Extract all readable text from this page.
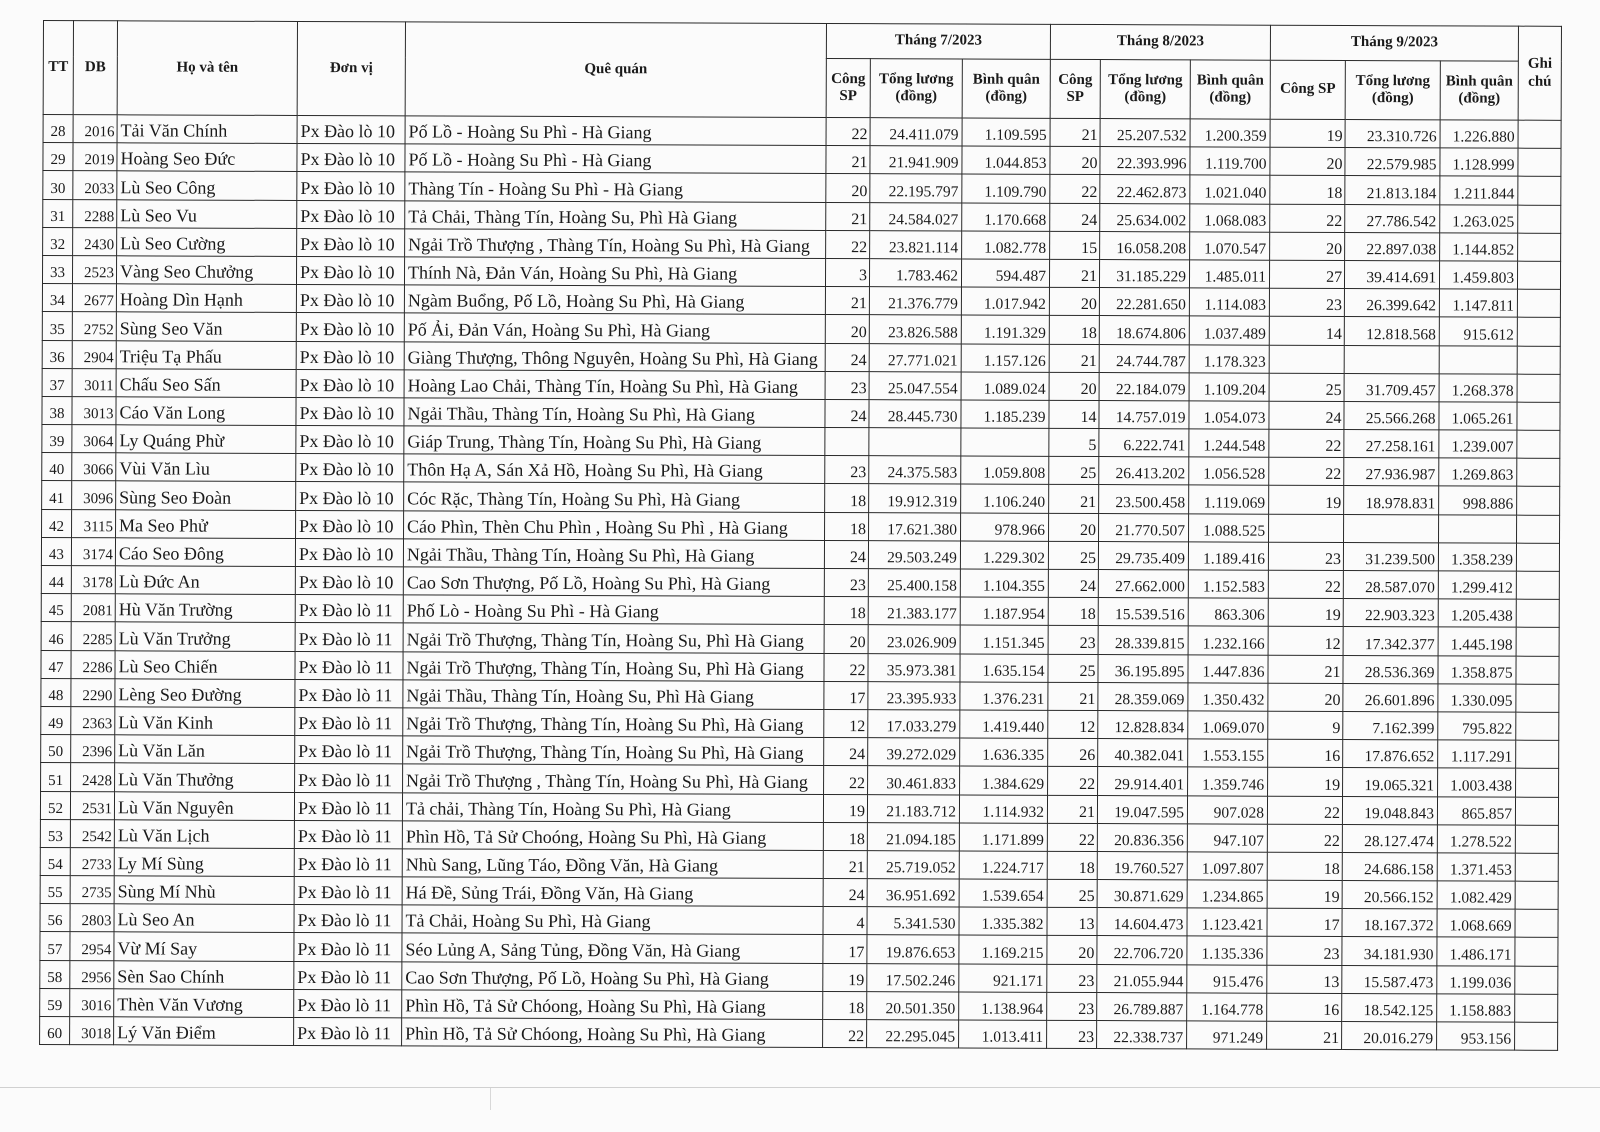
TT	DB	Họ và tên	Đơn vị	Quê quán	Tháng 7/2023			Tháng 8/2023			Tháng 9/2023			Ghi chú
					Công SP	Tổng lương (đồng)	Bình quân (đồng)	Công SP	Tổng lương (đồng)	Bình quân (đồng)	Công SP	Tổng lương (đồng)	Bình quân (đồng)	
28	2016	Tải Văn Chính	Px Đào lò 10	Pố Lồ - Hoàng Su Phì - Hà Giang	22	24.411.079	1.109.595	21	25.207.532	1.200.359	19	23.310.726	1.226.880	
29	2019	Hoàng Seo Đức	Px Đào lò 10	Pố Lồ - Hoàng Su Phì - Hà Giang	21	21.941.909	1.044.853	20	22.393.996	1.119.700	20	22.579.985	1.128.999	
30	2033	Lù Seo Công	Px Đào lò 10	Thàng Tín - Hoàng Su Phì - Hà Giang	20	22.195.797	1.109.790	22	22.462.873	1.021.040	18	21.813.184	1.211.844	
31	2288	Lù Seo Vu	Px Đào lò 10	Tả Chải, Thàng Tín, Hoàng Su, Phì Hà Giang	21	24.584.027	1.170.668	24	25.634.002	1.068.083	22	27.786.542	1.263.025	
32	2430	Lù Seo Cường	Px Đào lò 10	Ngải Trồ Thượng , Thàng Tín, Hoàng Su Phì, Hà Giang	22	23.821.114	1.082.778	15	16.058.208	1.070.547	20	22.897.038	1.144.852	
33	2523	Vàng Seo Chưởng	Px Đào lò 10	Thính Nà, Đản Ván, Hoàng Su Phì, Hà Giang	3	1.783.462	594.487	21	31.185.229	1.485.011	27	39.414.691	1.459.803	
34	2677	Hoàng Dìn Hạnh	Px Đào lò 10	Ngàm Buổng, Pố Lồ, Hoàng Su Phì, Hà Giang	21	21.376.779	1.017.942	20	22.281.650	1.114.083	23	26.399.642	1.147.811	
35	2752	Sùng Seo Văn	Px Đào lò 10	Pố Ải, Đản Ván, Hoàng Su Phì, Hà Giang	20	23.826.588	1.191.329	18	18.674.806	1.037.489	14	12.818.568	915.612	
36	2904	Triệu Tạ Phấu	Px Đào lò 10	Giàng Thượng, Thông Nguyên, Hoàng Su Phì, Hà Giang	24	27.771.021	1.157.126	21	24.744.787	1.178.323				
37	3011	Chấu Seo Sấn	Px Đào lò 10	Hoàng Lao Chải, Thàng Tín, Hoàng Su Phì, Hà Giang	23	25.047.554	1.089.024	20	22.184.079	1.109.204	25	31.709.457	1.268.378	
38	3013	Cáo Văn Long	Px Đào lò 10	Ngải Thầu, Thàng Tín, Hoàng Su Phì, Hà Giang	24	28.445.730	1.185.239	14	14.757.019	1.054.073	24	25.566.268	1.065.261	
39	3064	Ly Quáng Phừ	Px Đào lò 10	Giáp Trung, Thàng Tín, Hoàng Su Phì, Hà Giang				5	6.222.741	1.244.548	22	27.258.161	1.239.007	
40	3066	Vùi Văn Lìu	Px Đào lò 10	Thôn Hạ A, Sán Xả Hồ, Hoàng Su Phì, Hà Giang	23	24.375.583	1.059.808	25	26.413.202	1.056.528	22	27.936.987	1.269.863	
41	3096	Sùng Seo Đoàn	Px Đào lò 10	Cóc Rặc, Thàng Tín, Hoàng Su Phì, Hà Giang	18	19.912.319	1.106.240	21	23.500.458	1.119.069	19	18.978.831	998.886	
42	3115	Ma Seo Phử	Px Đào lò 10	Cáo Phìn, Thèn Chu Phìn , Hoàng Su Phì , Hà Giang	18	17.621.380	978.966	20	21.770.507	1.088.525				
43	3174	Cáo Seo Đông	Px Đào lò 10	Ngải Thầu, Thàng Tín, Hoàng Su Phì, Hà Giang	24	29.503.249	1.229.302	25	29.735.409	1.189.416	23	31.239.500	1.358.239	
44	3178	Lù Đức An	Px Đào lò 10	Cao Sơn Thượng, Pố Lồ, Hoàng Su Phì, Hà Giang	23	25.400.158	1.104.355	24	27.662.000	1.152.583	22	28.587.070	1.299.412	
45	2081	Hù Văn Trường	Px Đào lò 11	Phố Lò - Hoàng Su Phì - Hà Giang	18	21.383.177	1.187.954	18	15.539.516	863.306	19	22.903.323	1.205.438	
46	2285	Lù Văn Trưởng	Px Đào lò 11	Ngải Trồ Thượng, Thàng Tín, Hoàng Su, Phì Hà Giang	20	23.026.909	1.151.345	23	28.339.815	1.232.166	12	17.342.377	1.445.198	
47	2286	Lù Seo Chiến	Px Đào lò 11	Ngải Trồ Thượng, Thàng Tín, Hoàng Su, Phì Hà Giang	22	35.973.381	1.635.154	25	36.195.895	1.447.836	21	28.536.369	1.358.875	
48	2290	Lèng Seo Đường	Px Đào lò 11	Ngải Thầu, Thàng Tín, Hoàng Su, Phì Hà Giang	17	23.395.933	1.376.231	21	28.359.069	1.350.432	20	26.601.896	1.330.095	
49	2363	Lù Văn Kinh	Px Đào lò 11	Ngải Trồ Thượng, Thàng Tín, Hoàng Su Phì, Hà Giang	12	17.033.279	1.419.440	12	12.828.834	1.069.070	9	7.162.399	795.822	
50	2396	Lù Văn Lăn	Px Đào lò 11	Ngải Trồ Thượng, Thàng Tín, Hoàng Su Phì, Hà Giang	24	39.272.029	1.636.335	26	40.382.041	1.553.155	16	17.876.652	1.117.291	
51	2428	Lù Văn Thưởng	Px Đào lò 11	Ngải Trồ Thượng , Thàng Tín, Hoàng Su Phì, Hà Giang	22	30.461.833	1.384.629	22	29.914.401	1.359.746	19	19.065.321	1.003.438	
52	2531	Lù Văn Nguyên	Px Đào lò 11	Tả chải, Thàng Tín, Hoàng Su Phì, Hà Giang	19	21.183.712	1.114.932	21	19.047.595	907.028	22	19.048.843	865.857	
53	2542	Lù Văn Lịch	Px Đào lò 11	Phìn Hồ, Tả Sử Choóng, Hoàng Su Phì, Hà Giang	18	21.094.185	1.171.899	22	20.836.356	947.107	22	28.127.474	1.278.522	
54	2733	Ly Mí Sùng	Px Đào lò 11	Nhù Sang, Lũng Táo, Đồng Văn, Hà Giang	21	25.719.052	1.224.717	18	19.760.527	1.097.807	18	24.686.158	1.371.453	
55	2735	Sùng Mí Nhù	Px Đào lò 11	Há Đề, Sủng Trái, Đồng Văn, Hà Giang	24	36.951.692	1.539.654	25	30.871.629	1.234.865	19	20.566.152	1.082.429	
56	2803	Lù Seo An	Px Đào lò 11	Tả Chải, Hoàng Su Phì, Hà Giang	4	5.341.530	1.335.382	13	14.604.473	1.123.421	17	18.167.372	1.068.669	
57	2954	Vừ Mí Say	Px Đào lò 11	Séo Lủng A, Sảng Tủng, Đồng Văn, Hà Giang	17	19.876.653	1.169.215	20	22.706.720	1.135.336	23	34.181.930	1.486.171	
58	2956	Sèn Sao Chính	Px Đào lò 11	Cao Sơn Thượng, Pố Lồ, Hoàng Su Phì, Hà Giang	19	17.502.246	921.171	23	21.055.944	915.476	13	15.587.473	1.199.036	
59	3016	Thèn Văn Vương	Px Đào lò 11	Phìn Hồ, Tả Sử Chóong, Hoàng Su Phì, Hà Giang	18	20.501.350	1.138.964	23	26.789.887	1.164.778	16	18.542.125	1.158.883	
60	3018	Lý Văn Điểm	Px Đào lò 11	Phìn Hồ, Tả Sử Chóong, Hoàng Su Phì, Hà Giang	22	22.295.045	1.013.411	23	22.338.737	971.249	21	20.016.279	953.156	
